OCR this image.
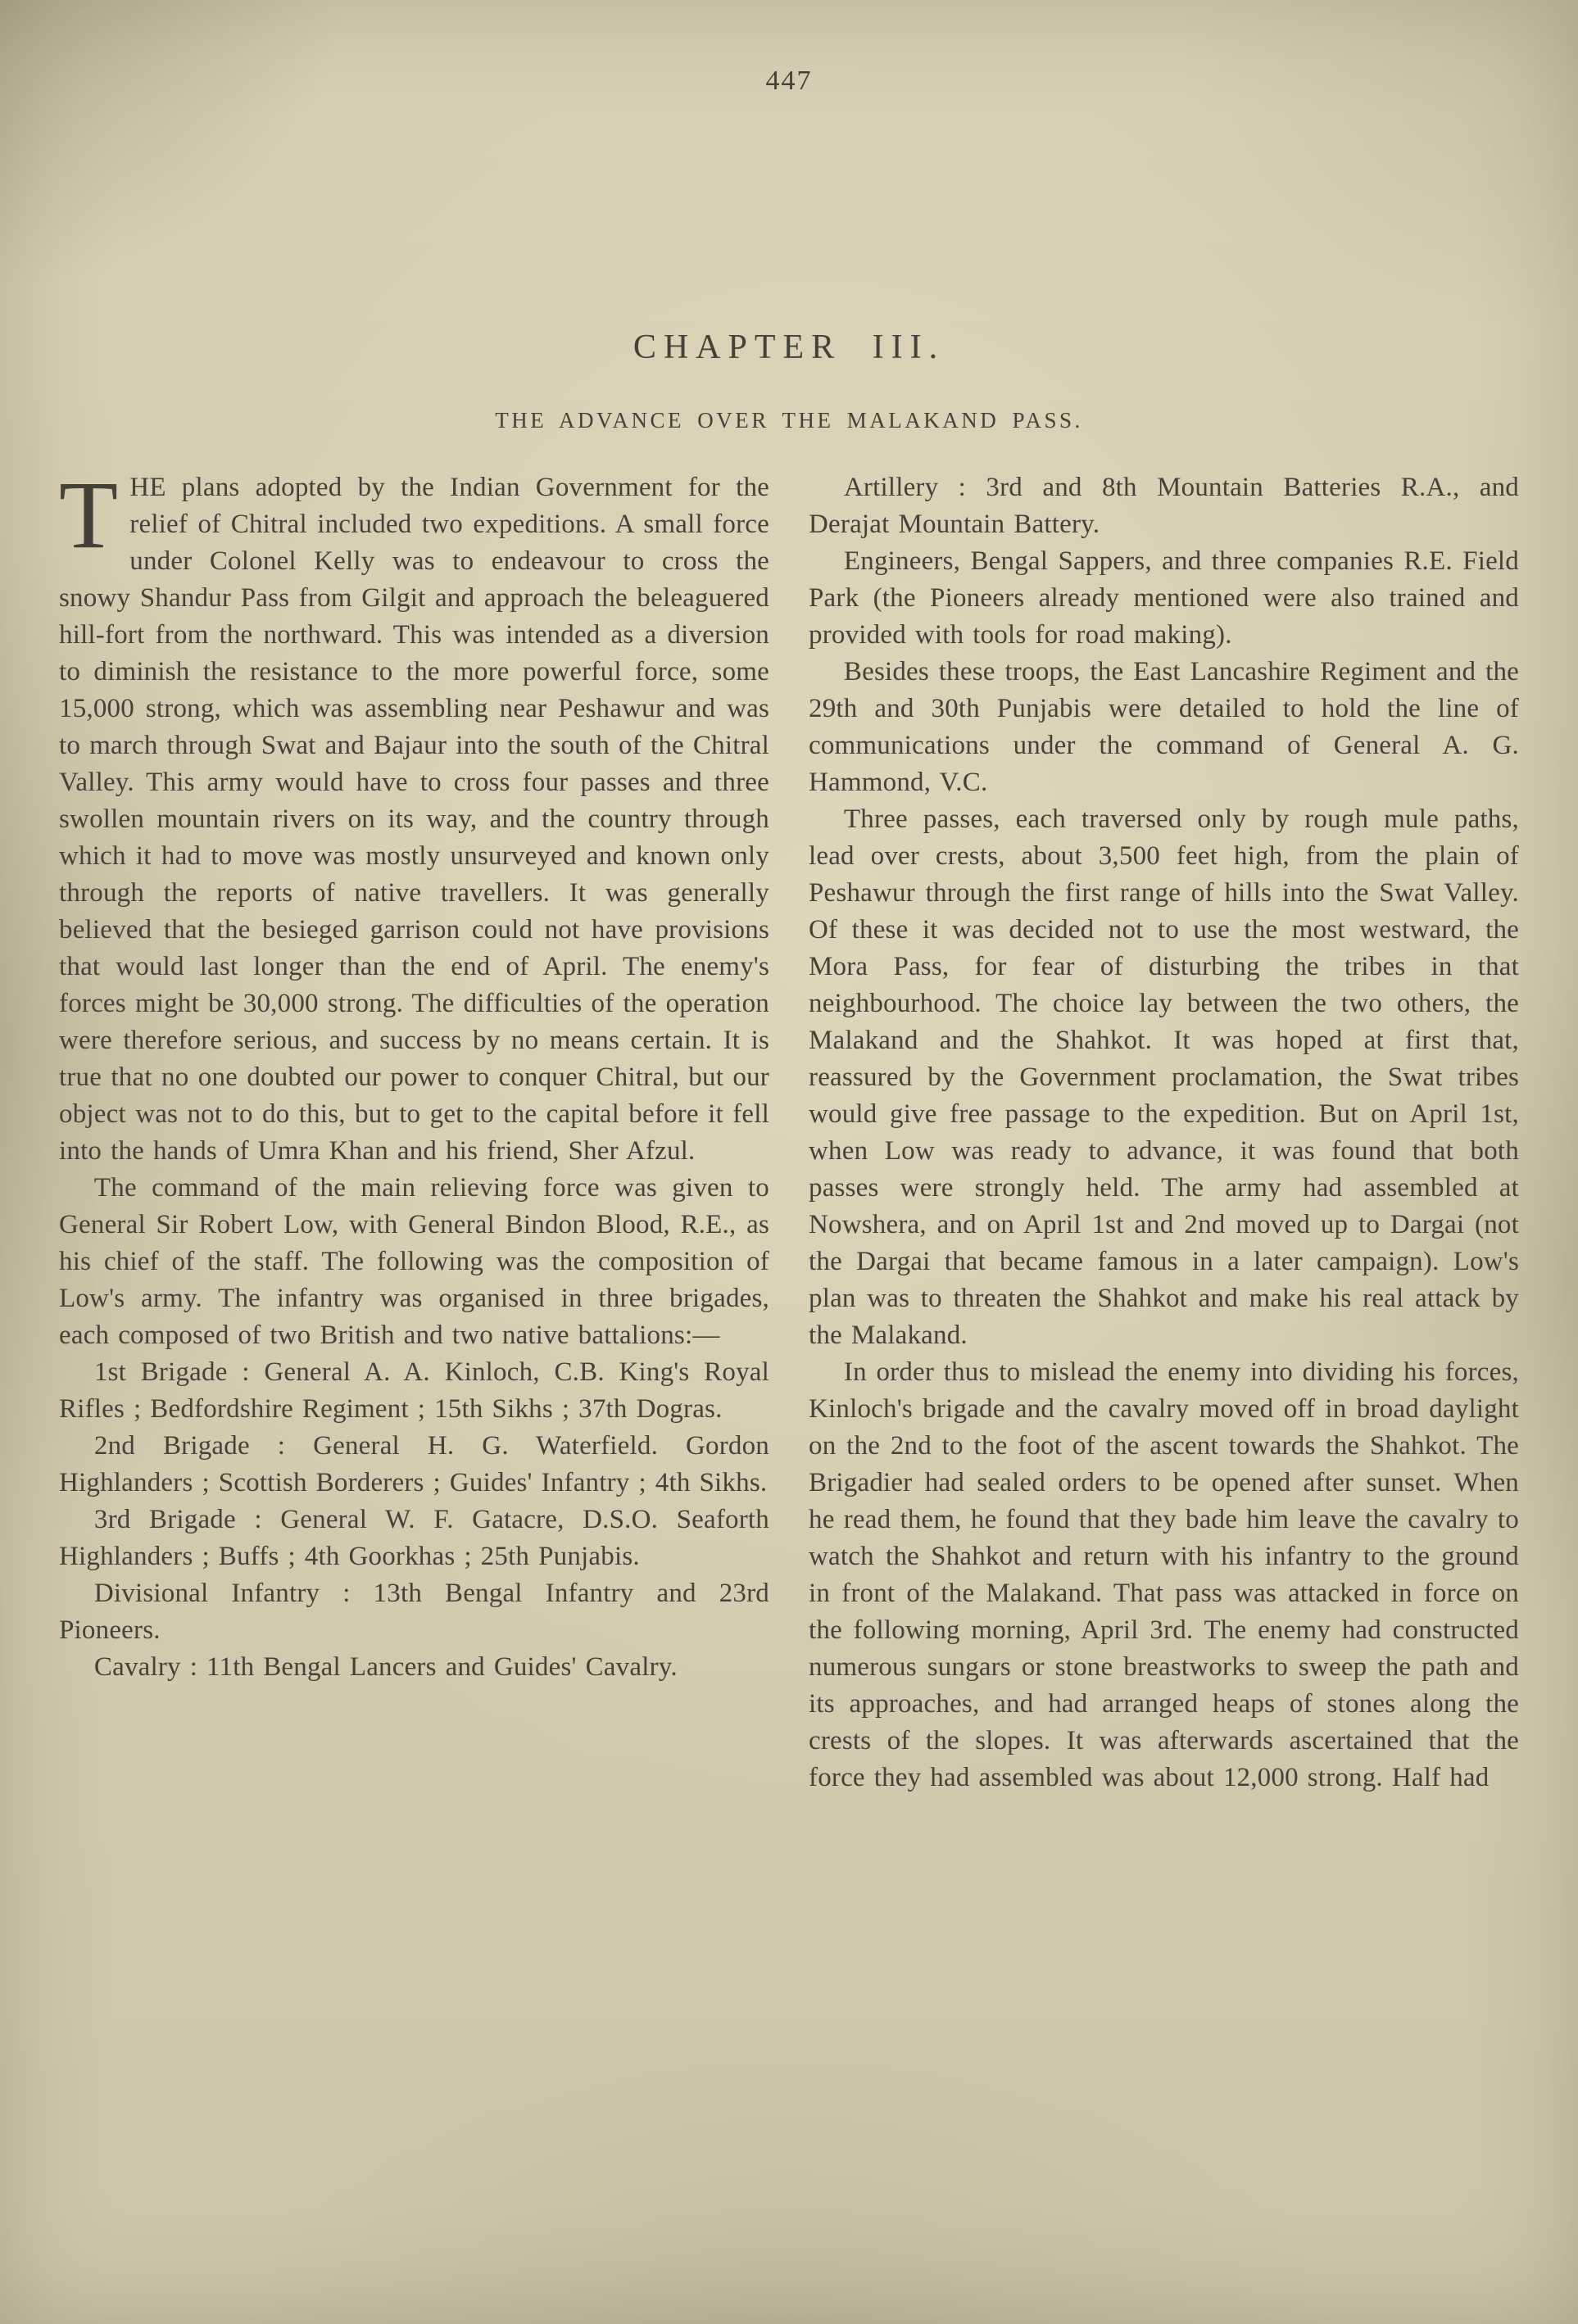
447
CHAPTER III.
THE ADVANCE OVER THE MALAKAND PASS.

THE plans adopted by the Indian Government for the relief of Chitral included two expeditions. A small force under Colonel Kelly was to endeavour to cross the snowy Shandur Pass from Gilgit and approach the beleaguered hill-fort from the northward. This was intended as a diversion to diminish the resistance to the more powerful force, some 15,000 strong, which was assembling near Peshawur and was to march through Swat and Bajaur into the south of the Chitral Valley. This army would have to cross four passes and three swollen mountain rivers on its way, and the country through which it had to move was mostly unsurveyed and known only through the reports of native travellers. It was generally believed that the besieged garrison could not have provisions that would last longer than the end of April. The enemy's forces might be 30,000 strong. The difficulties of the operation were therefore serious, and success by no means certain. It is true that no one doubted our power to conquer Chitral, but our object was not to do this, but to get to the capital before it fell into the hands of Umra Khan and his friend, Sher Afzul.

The command of the main relieving force was given to General Sir Robert Low, with General Bindon Blood, R.E., as his chief of the staff. The following was the composition of Low's army. The infantry was organised in three brigades, each composed of two British and two native battalions:—

1st Brigade : General A. A. Kinloch, C.B. King's Royal Rifles ; Bedfordshire Regiment ; 15th Sikhs ; 37th Dogras.

2nd Brigade : General H. G. Waterfield. Gordon Highlanders ; Scottish Borderers ; Guides' Infantry ; 4th Sikhs.

3rd Brigade : General W. F. Gatacre, D.S.O. Seaforth Highlanders ; Buffs ; 4th Goorkhas ; 25th Punjabis.

Divisional Infantry : 13th Bengal Infantry and 23rd Pioneers.

Cavalry : 11th Bengal Lancers and Guides' Cavalry.

Artillery : 3rd and 8th Mountain Batteries R.A., and Derajat Mountain Battery.

Engineers, Bengal Sappers, and three companies R.E. Field Park (the Pioneers already mentioned were also trained and provided with tools for road making).

Besides these troops, the East Lancashire Regiment and the 29th and 30th Punjabis were detailed to hold the line of communications under the command of General A. G. Hammond, V.C.

Three passes, each traversed only by rough mule paths, lead over crests, about 3,500 feet high, from the plain of Peshawur through the first range of hills into the Swat Valley. Of these it was decided not to use the most westward, the Mora Pass, for fear of disturbing the tribes in that neighbourhood. The choice lay between the two others, the Malakand and the Shahkot. It was hoped at first that, reassured by the Government proclamation, the Swat tribes would give free passage to the expedition. But on April 1st, when Low was ready to advance, it was found that both passes were strongly held. The army had assembled at Nowshera, and on April 1st and 2nd moved up to Dargai (not the Dargai that became famous in a later campaign). Low's plan was to threaten the Shahkot and make his real attack by the Malakand.

In order thus to mislead the enemy into dividing his forces, Kinloch's brigade and the cavalry moved off in broad daylight on the 2nd to the foot of the ascent towards the Shahkot. The Brigadier had sealed orders to be opened after sunset. When he read them, he found that they bade him leave the cavalry to watch the Shahkot and return with his infantry to the ground in front of the Malakand. That pass was attacked in force on the following morning, April 3rd. The enemy had constructed numerous sungars or stone breastworks to sweep the path and its approaches, and had arranged heaps of stones along the crests of the slopes. It was afterwards ascertained that the force they had assembled was about 12,000 strong. Half had
